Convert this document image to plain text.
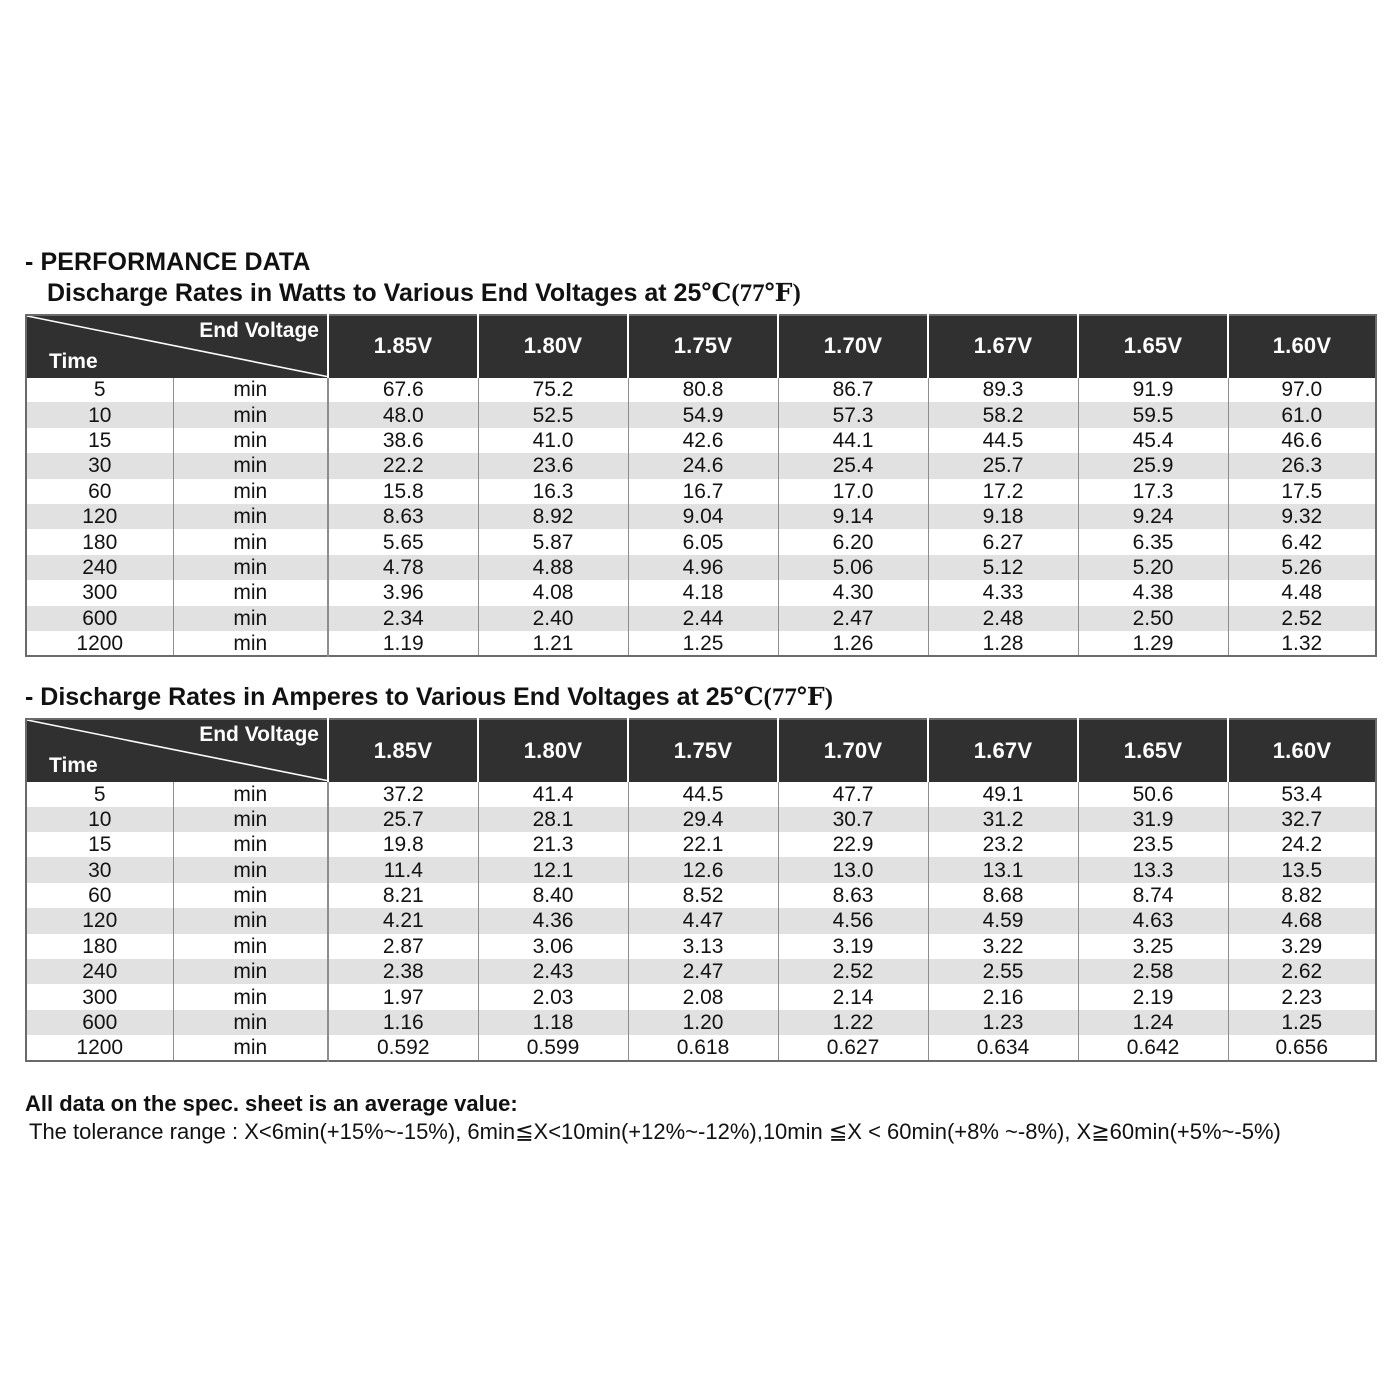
- PERFORMANCE DATA
Discharge Rates in Watts to Various End Voltages at 25℃(77℉)
End Voltage
Time		1.85V	1.80V	1.75V	1.70V	1.67V	1.65V	1.60V
5	min	67.6	75.2	80.8	86.7	89.3	91.9	97.0
10	min	48.0	52.5	54.9	57.3	58.2	59.5	61.0
15	min	38.6	41.0	42.6	44.1	44.5	45.4	46.6
30	min	22.2	23.6	24.6	25.4	25.7	25.9	26.3
60	min	15.8	16.3	16.7	17.0	17.2	17.3	17.5
120	min	8.63	8.92	9.04	9.14	9.18	9.24	9.32
180	min	5.65	5.87	6.05	6.20	6.27	6.35	6.42
240	min	4.78	4.88	4.96	5.06	5.12	5.20	5.26
300	min	3.96	4.08	4.18	4.30	4.33	4.38	4.48
600	min	2.34	2.40	2.44	2.47	2.48	2.50	2.52
1200	min	1.19	1.21	1.25	1.26	1.28	1.29	1.32
- Discharge Rates in Amperes to Various End Voltages at 25℃(77℉)
End Voltage
Time		1.85V	1.80V	1.75V	1.70V	1.67V	1.65V	1.60V
5	min	37.2	41.4	44.5	47.7	49.1	50.6	53.4
10	min	25.7	28.1	29.4	30.7	31.2	31.9	32.7
15	min	19.8	21.3	22.1	22.9	23.2	23.5	24.2
30	min	11.4	12.1	12.6	13.0	13.1	13.3	13.5
60	min	8.21	8.40	8.52	8.63	8.68	8.74	8.82
120	min	4.21	4.36	4.47	4.56	4.59	4.63	4.68
180	min	2.87	3.06	3.13	3.19	3.22	3.25	3.29
240	min	2.38	2.43	2.47	2.52	2.55	2.58	2.62
300	min	1.97	2.03	2.08	2.14	2.16	2.19	2.23
600	min	1.16	1.18	1.20	1.22	1.23	1.24	1.25
1200	min	0.592	0.599	0.618	0.627	0.634	0.642	0.656
All data on the spec. sheet is an average value:
The tolerance range : X<6min(+15%~-15%), 6min≦X<10min(+12%~-12%),10min ≦X < 60min(+8% ~-8%), X≧60min(+5%~-5%)
